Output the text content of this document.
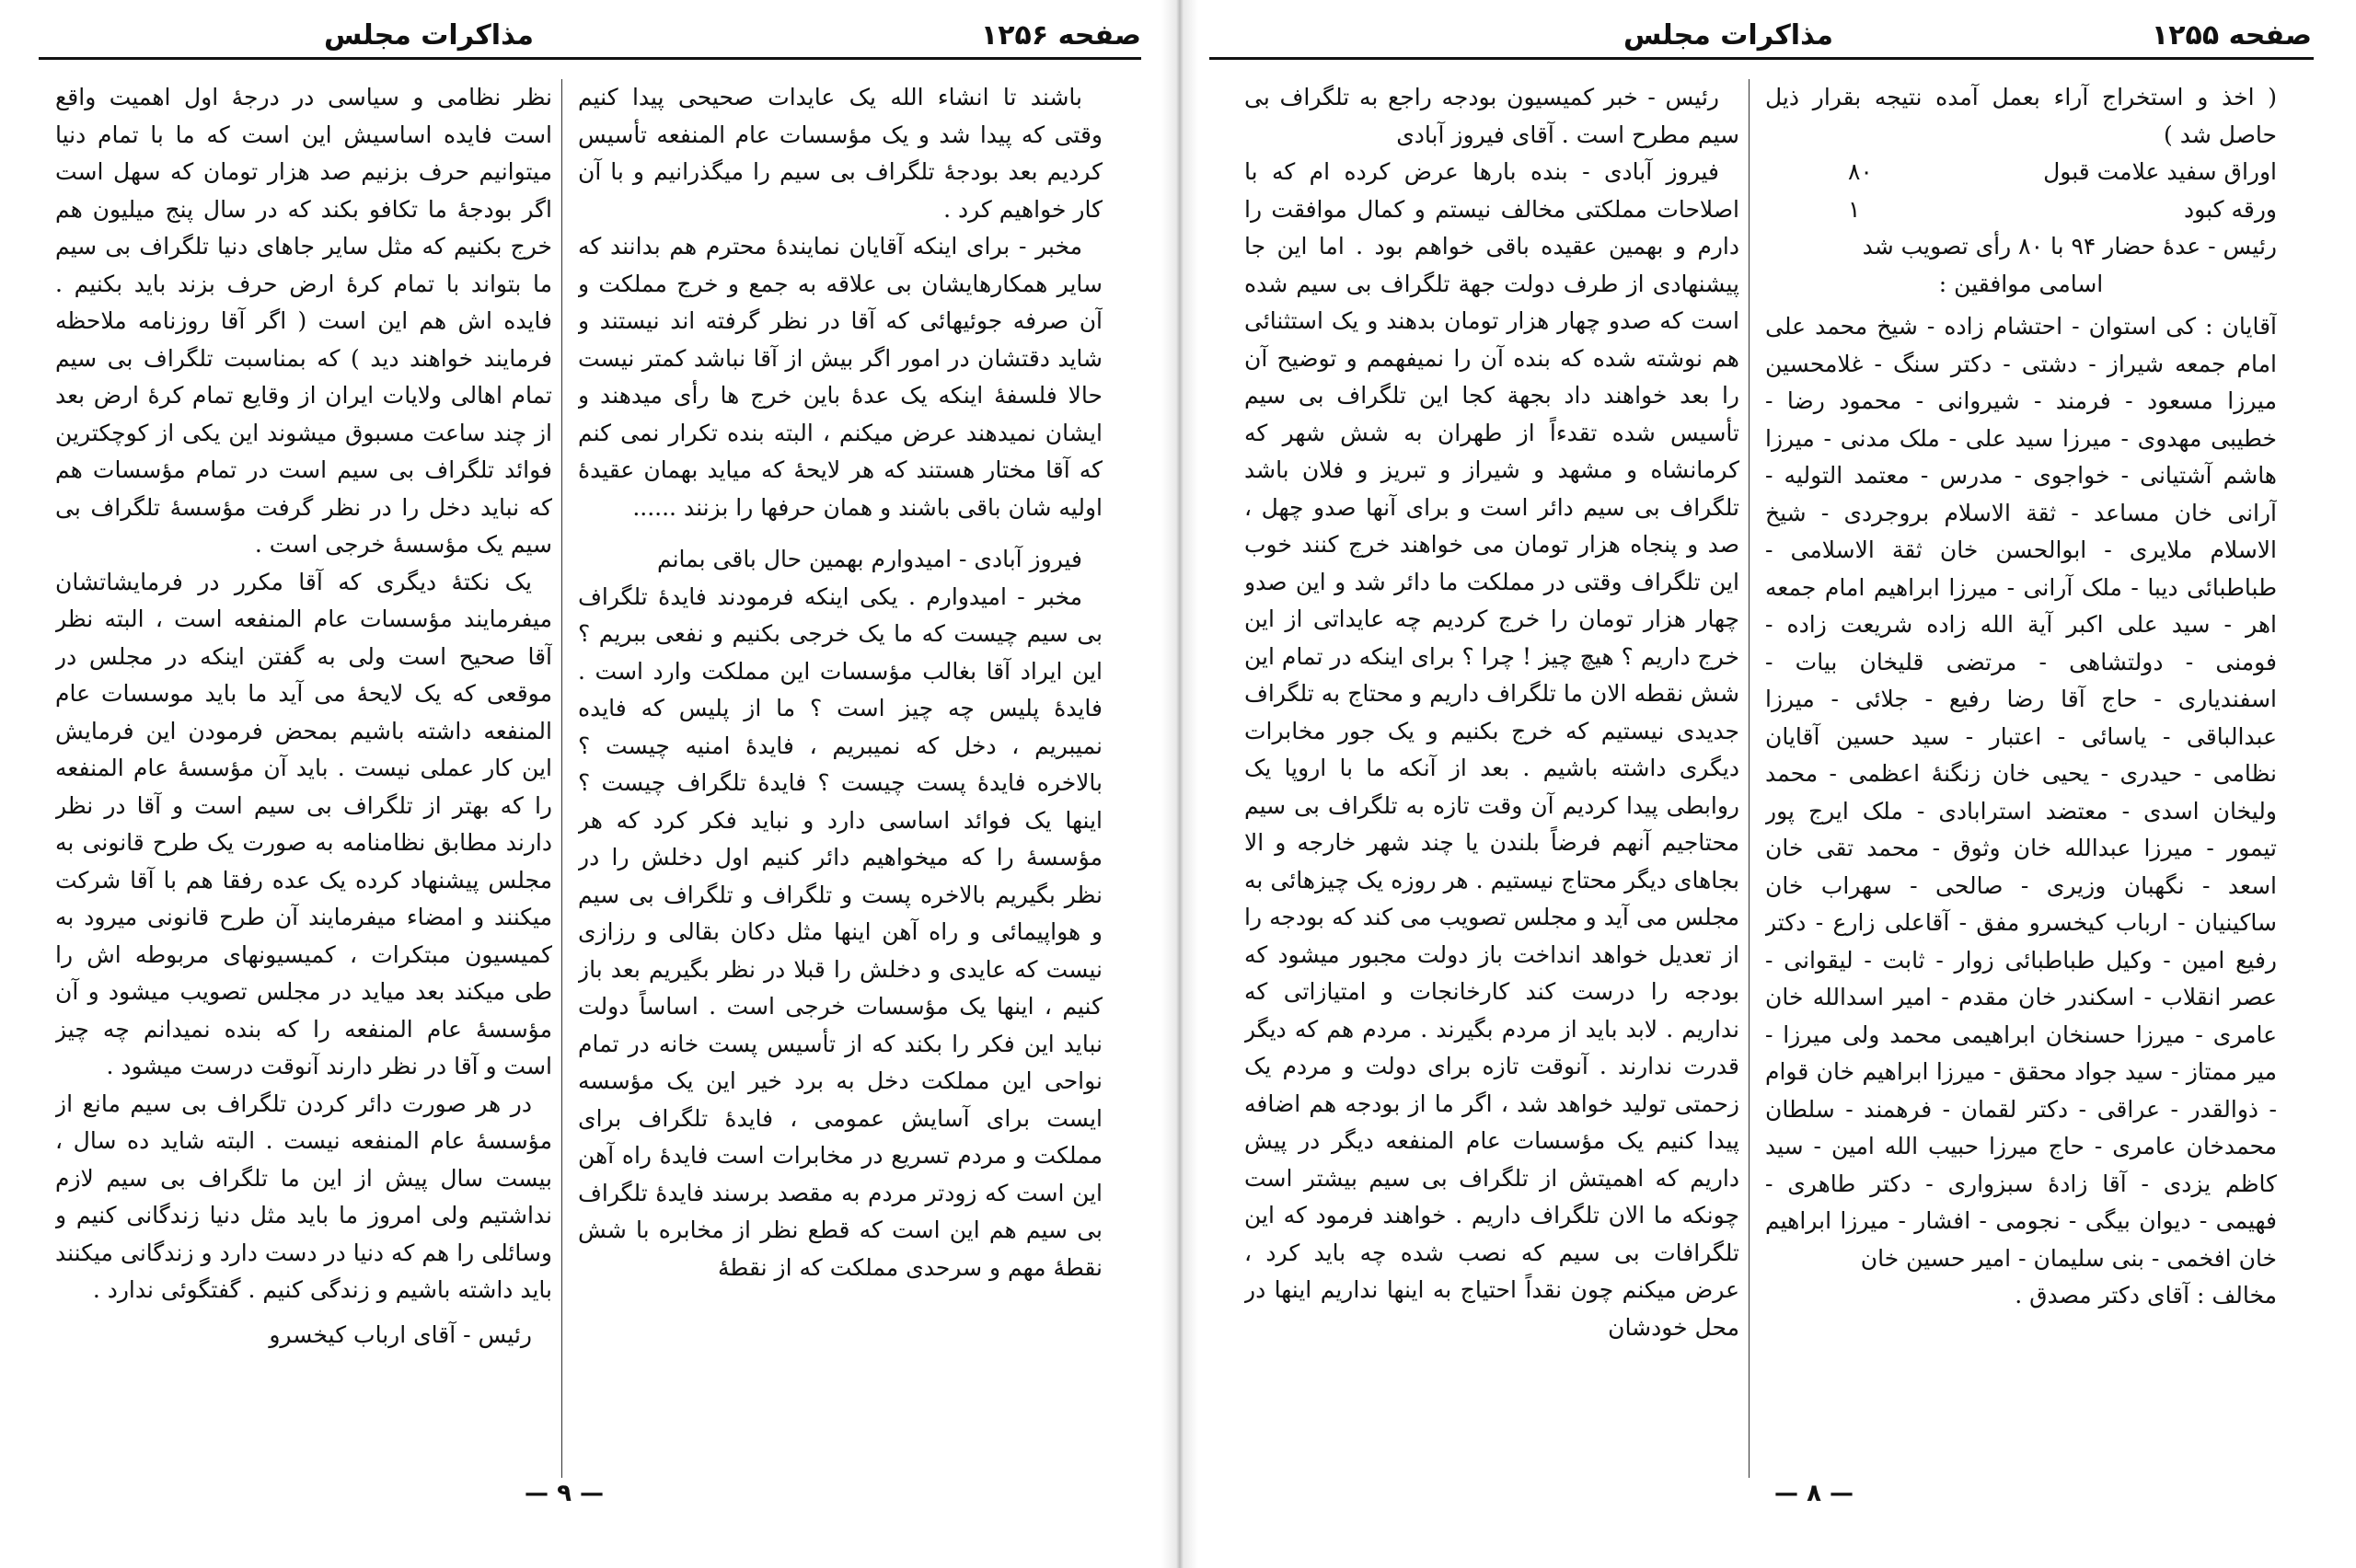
صفحه ۱۲۵۶
مذاکرات مجلس

باشند تا انشاء الله یک عایدات صحیحی پیدا کنیم وقتی که پیدا شد و یک مؤسسات عام المنفعه تأسیس کردیم بعد بودجهٔ تلگراف بی سیم را میگذرانیم و با آن کار خواهیم کرد .

مخبر - برای اینکه آقایان نمایندهٔ محترم هم بدانند که سایر همکارهایشان بی علاقه به جمع و خرج مملکت و آن صرفه جوئیهائی که آقا در نظر گرفته اند نیستند و شاید دقتشان در امور اگر بیش از آقا نباشد کمتر نیست حالا فلسفهٔ اینکه یک عدهٔ باین خرج ها رأی میدهند و ایشان نمیدهند عرض میکنم ، البته بنده تکرار نمی کنم که آقا مختار هستند که هر لایحهٔ که میاید بهمان عقیدهٔ اولیه شان باقی باشند و همان حرفها را بزنند ......

فیروز آبادی - امیدوارم بهمین حال باقی بمانم

مخبر - امیدوارم . یکی اینکه فرمودند فایدهٔ تلگراف بی سیم چیست که ما یک خرجی بکنیم و نفعی ببریم ؟ این ایراد آقا بغالب مؤسسات این مملکت وارد است . فایدهٔ پلیس چه چیز است ؟ ما از پلیس که فایده نمیبریم ، دخل که نمیبریم ، فایدهٔ امنیه چیست ؟ بالاخره فایدهٔ پست چیست ؟ فایدهٔ تلگراف چیست ؟ اینها یک فوائد اساسی دارد و نباید فکر کرد که هر مؤسسهٔ را که میخواهیم دائر کنیم اول دخلش را در نظر بگیریم بالاخره پست و تلگراف و تلگراف بی سیم و هواپیمائی و راه آهن اینها مثل دکان بقالی و رزازی نیست که عایدی و دخلش را قبلا در نظر بگیریم بعد باز کنیم ، اینها یک مؤسسات خرجی است . اساساً دولت نباید این فکر را بکند که از تأسیس پست خانه در تمام نواحی این مملکت دخل به برد خیر این یک مؤسسه ایست برای آسایش عمومی ، فایدهٔ تلگراف برای مملکت و مردم تسریع در مخابرات است فایدهٔ راه آهن این است که زودتر مردم به مقصد برسند فایدهٔ تلگراف بی سیم هم این است که قطع نظر از مخابره با شش نقطهٔ مهم و سرحدی مملکت که از نقطهٔ

نظر نظامی و سیاسی در درجهٔ اول اهمیت واقع است فایده اساسیش این است که ما با تمام دنیا میتوانیم حرف بزنیم صد هزار تومان که سهل است اگر بودجهٔ ما تکافو بکند که در سال پنج میلیون هم خرج بکنیم که مثل سایر جاهای دنیا تلگراف بی سیم ما بتواند با تمام کرهٔ ارض حرف بزند باید بکنیم . فایده اش هم این است ( اگر آقا روزنامه ملاحظه فرمایند خواهند دید ) که بمناسبت تلگراف بی سیم تمام اهالی ولایات ایران از وقایع تمام کرهٔ ارض بعد از چند ساعت مسبوق میشوند این یکی از کوچکترین فوائد تلگراف بی سیم است در تمام مؤسسات هم که نباید دخل را در نظر گرفت مؤسسهٔ تلگراف بی سیم یک مؤسسهٔ خرجی است .

یک نکتهٔ دیگری که آقا مکرر در فرمایشاتشان میفرمایند مؤسسات عام المنفعه است ، البته نظر آقا صحیح است ولی به گفتن اینکه در مجلس در موقعی که یک لایحهٔ می آید ما باید موسسات عام المنفعه داشته باشیم بمحض فرمودن این فرمایش این کار عملی نیست . باید آن مؤسسهٔ عام المنفعه را که بهتر از تلگراف بی سیم است و آقا در نظر دارند مطابق نظامنامه به صورت یک طرح قانونی به مجلس پیشنهاد کرده یک عده رفقا هم با آقا شرکت میکنند و امضاء میفرمایند آن طرح قانونی میرود به کمیسیون مبتکرات ، کمیسیونهای مربوطه اش را طی میکند بعد میاید در مجلس تصویب میشود و آن مؤسسهٔ عام المنفعه را که بنده نمیدانم چه چیز است و آقا در نظر دارند آنوقت درست میشود .

در هر صورت دائر کردن تلگراف بی سیم مانع از مؤسسهٔ عام المنفعه نیست . البته شاید ده سال ، بیست سال پیش از این ما تلگراف بی سیم لازم نداشتیم ولی امروز ما باید مثل دنیا زندگانی کنیم و وسائلی را هم که دنیا در دست دارد و زندگانی میکنند باید داشته باشیم و زندگی کنیم . گفتگوئی ندارد .

رئیس - آقای ارباب کیخسرو

— ۹ —
صفحه ۱۲۵۵
مذاکرات مجلس

( اخذ و استخراج آراء بعمل آمده نتیجه بقرار ذیل حاصل شد )

اوراق سفید علامت قبول
۸۰
ورقه کبود
۱

رئیس - عدهٔ حضار ۹۴ با ۸۰ رأی تصویب شد

اسامی موافقین :

آقایان : کی استوان - احتشام زاده - شیخ محمد علی امام جمعه شیراز - دشتی - دکتر سنگ - غلامحسین میرزا مسعود - فرمند - شیروانی - محمود رضا - خطیبی مهدوی - میرزا سید علی - ملک مدنی - میرزا هاشم آشتیانی - خواجوی - مدرس - معتمد التولیه - آرانی خان مساعد - ثقة الاسلام بروجردی - شیخ الاسلام ملایری - ابوالحسن خان ثقة الاسلامی - طباطبائی دیبا - ملک آرانی - میرزا ابراهیم امام جمعه اهر - سید علی اکبر آیة الله زاده شریعت زاده - فومنی - دولتشاهی - مرتضی قلیخان بیات - اسفندیاری - حاج آقا رضا رفیع - جلائی - میرزا عبدالباقی - یاسائی - اعتبار - سید حسین آقایان نظامی - حیدری - یحیی خان زنگنهٔ اعظمی - محمد ولیخان اسدی - معتضد استرابادی - ملک ایرج پور تیمور - میرزا عبدالله خان وثوق - محمد تقی خان اسعد - نگهبان وزیری - صالحی - سهراب خان ساکینیان - ارباب کیخسرو مفق - آقاعلی زارع - دکتر رفیع امین - وکیل طباطبائی زوار - ثابت - لیقوانی - عصر انقلاب - اسکندر خان مقدم - امیر اسدالله خان عامری - میرزا حسنخان ابراهیمی محمد ولی میرزا - میر ممتاز - سید جواد محقق - میرزا ابراهیم خان قوام - ذوالقدر - عراقی - دکتر لقمان - فرهمند - سلطان محمدخان عامری - حاج میرزا حبیب الله امین - سید کاظم یزدی - آقا زادهٔ سبزواری - دکتر طاهری - فهیمی - دیوان بیگی - نجومی - افشار - میرزا ابراهیم خان افخمی - بنی سلیمان - امیر حسین خان

مخالف : آقای دکتر مصدق .

رئیس - خبر کمیسیون بودجه راجع به تلگراف بی سیم مطرح است . آقای فیروز آبادی

فیروز آبادی - بنده بارها عرض کرده ام که با اصلاحات مملکتی مخالف نیستم و کمال موافقت را دارم و بهمین عقیده باقی خواهم بود . اما این جا پیشنهادی از طرف دولت جهة تلگراف بی سیم شده است که صدو چهار هزار تومان بدهند و یک استثنائی هم نوشته شده که بنده آن را نمیفهمم و توضیح آن را بعد خواهند داد بجهة کجا این تلگراف بی سیم تأسیس شده تقدءاً از طهران به شش شهر که کرمانشاه و مشهد و شیراز و تبریز و فلان باشد تلگراف بی سیم دائر است و برای آنها صدو چهل ، صد و پنجاه هزار تومان می خواهند خرج کنند خوب این تلگراف وقتی در مملکت ما دائر شد و این صدو چهار هزار تومان را خرج کردیم چه عایداتی از این خرج داریم ؟ هیچ چیز ! چرا ؟ برای اینکه در تمام این شش نقطه الان ما تلگراف داریم و محتاج به تلگراف جدیدی نیستیم که خرج بکنیم و یک جور مخابرات دیگری داشته باشیم . بعد از آنکه ما با اروپا یک روابطی پیدا کردیم آن وقت تازه به تلگراف بی سیم محتاجیم آنهم فرضاً بلندن یا چند شهر خارجه و الا بجاهای دیگر محتاج نیستیم . هر روزه یک چیزهائی به مجلس می آید و مجلس تصویب می کند که بودجه را از تعدیل خواهد انداخت باز دولت مجبور میشود که بودجه را درست کند کارخانجات و امتیازاتی که نداریم . لابد باید از مردم بگیرند . مردم هم که دیگر قدرت ندارند . آنوقت تازه برای دولت و مردم یک زحمتی تولید خواهد شد ، اگر ما از بودجه هم اضافه پیدا کنیم یک مؤسسات عام المنفعه دیگر در پیش داریم که اهمیتش از تلگراف بی سیم بیشتر است چونکه ما الان تلگراف داریم . خواهند فرمود که این تلگرافات بی سیم که نصب شده چه باید کرد ، عرض میکنم چون نقداً احتیاج به اینها نداریم اینها در محل خودشان

— ۸ —
